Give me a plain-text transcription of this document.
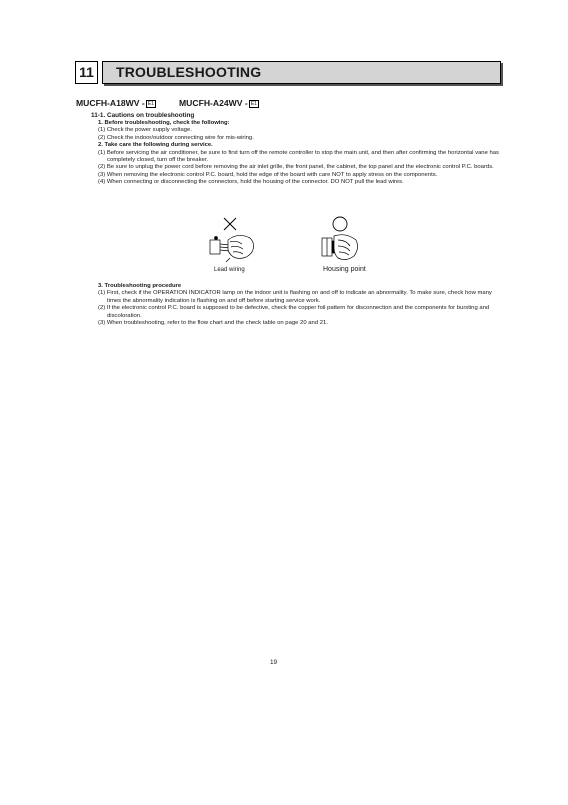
11 TROUBLESHOOTING
MUCFH-A18WV - E1	MUCFH-A24WV - E1
11-1. Cautions on troubleshooting

1. Before troubleshooting, check the following:

(1) Check the power supply voltage.

(2) Check the indoor/outdoor connecting wire for mis-wiring.

2. Take care the following during service.

(1) Before servicing the air conditioner, be sure to first turn off the remote controller to stop the main unit, and then after confirming the horizontal vane has completely closed, turn off the breaker.

(2) Be sure to unplug the power cord before removing the air inlet grille, the front panel, the cabinet, the top panel and the electronic control P.C. boards.

(3) When removing the electronic control P.C. board, hold the edge of the board with care NOT to apply stress on the components.

(4) When connecting or disconnecting the connectors, hold the housing of the connector. DO NOT pull the lead wires.

Lead wiring	Housing point

3. Troubleshooting procedure

(1) First, check if the OPERATION INDICATOR lamp on the indoor unit is flashing on and off to indicate an abnormality. To make sure, check how many times the abnormality indication is flashing on and off before starting service work.

(2) If the electronic control P.C. board is supposed to be defective, check the copper foil pattern for disconnection and the components for bursting and discoloration.

(3) When troubleshooting, refer to the flow chart and the check table on page 20 and 21.

19
